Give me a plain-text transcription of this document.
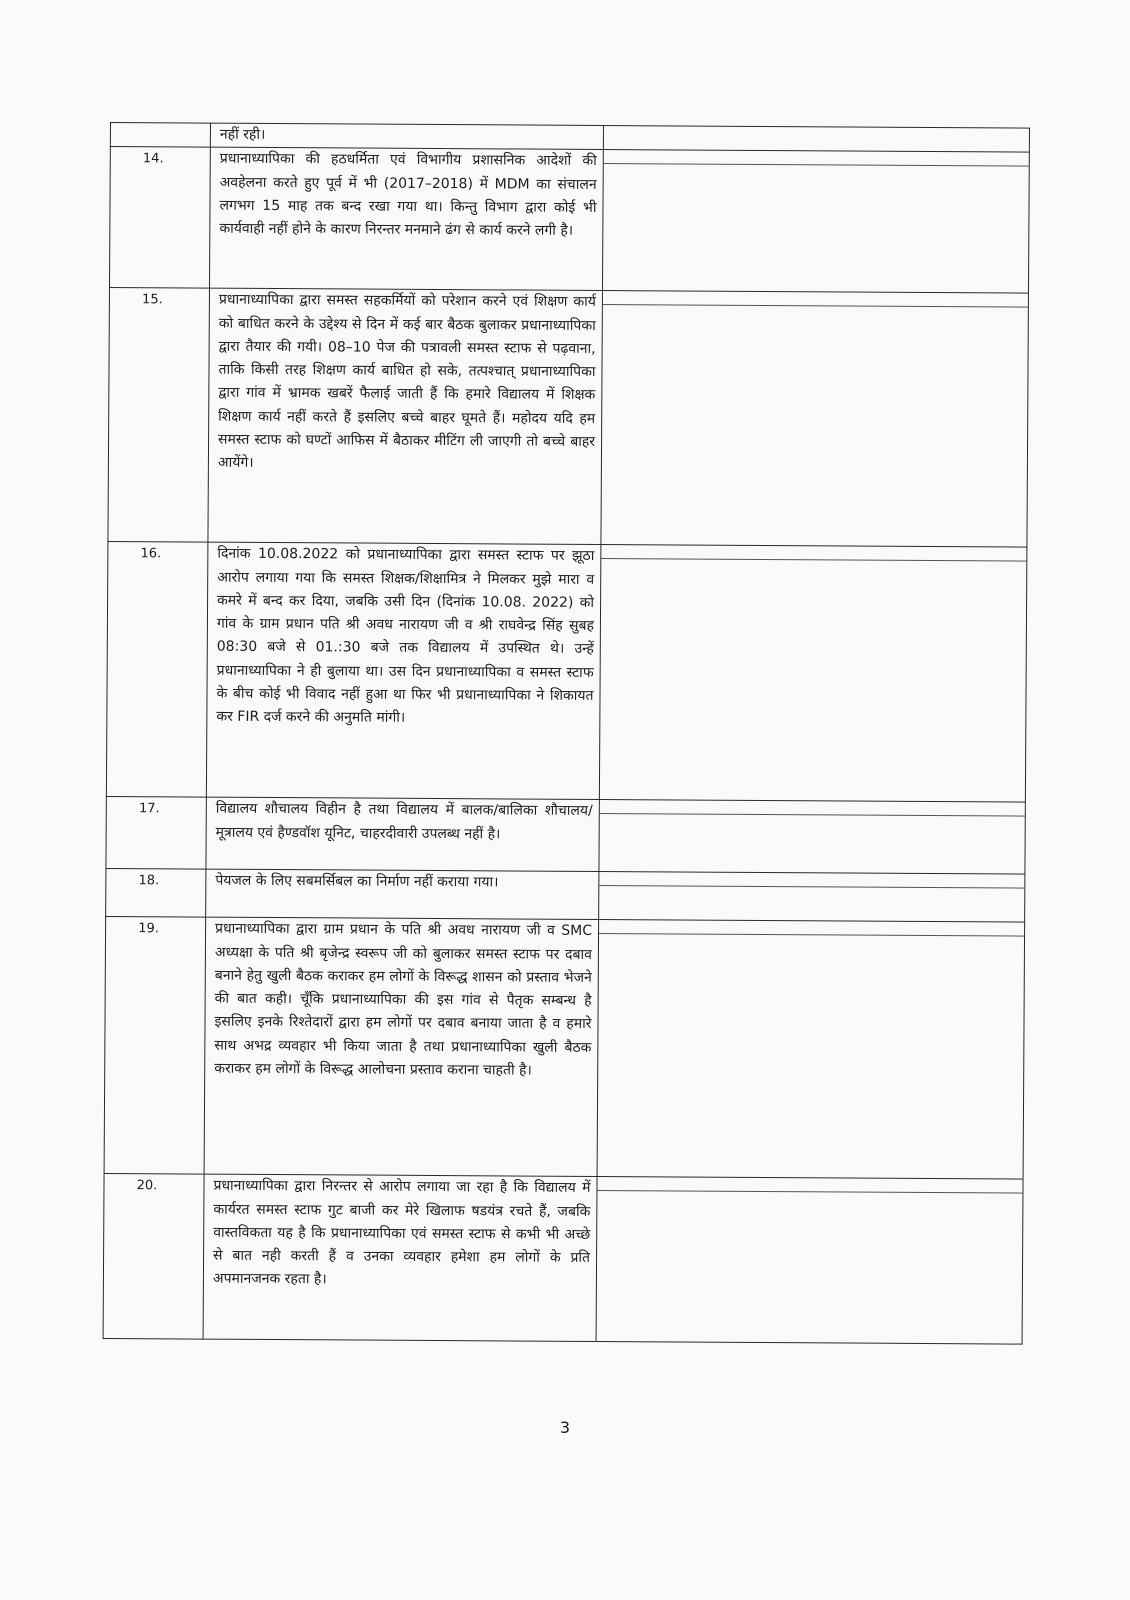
	नहीं रही।	
14.	प्रधानाध्यापिका की हठधर्मिता एवं विभागीय प्रशासनिक आदेशों की अवहेलना करते हुए पूर्व में भी (2017–2018) में MDM का संचालन लगभग 15 माह तक बन्द रखा गया था। किन्तु विभाग द्वारा कोई भी कार्यवाही नहीं होने के कारण निरन्तर मनमाने ढंग से कार्य करने लगी है।	

15.	प्रधानाध्यापिका द्वारा समस्त सहकर्मियों को परेशान करने एवं शिक्षण कार्य को बाधित करने के उद्देश्य से दिन में कई बार बैठक बुलाकर प्रधानाध्यापिका द्वारा तैयार की गयी। 08–10 पेज की पत्रावली समस्त स्टाफ से पढ़वाना, ताकि किसी तरह शिक्षण कार्य बाधित हो सके, तत्पश्चात् प्रधानाध्यापिका द्वारा गांव में भ्रामक खबरें फैलाई जाती हैं कि हमारे विद्यालय में शिक्षक शिक्षण कार्य नहीं करते हैं इसलिए बच्चे बाहर घूमते हैं। महोदय यदि हम समस्त स्टाफ को घण्टों आफिस में बैठाकर मीटिंग ली जाएगी तो बच्चे बाहर आयेंगे।	

16.	दिनांक 10.08.2022 को प्रधानाध्यापिका द्वारा समस्त स्टाफ पर झूठा आरोप लगाया गया कि समस्त शिक्षक/शिक्षामित्र ने मिलकर मुझे मारा व कमरे में बन्द कर दिया, जबकि उसी दिन (दिनांक 10.08. 2022) को गांव के ग्राम प्रधान पति श्री अवध नारायण जी व श्री राघवेन्द्र सिंह सुबह 08:30 बजे से 01.:30 बजे तक विद्यालय में उपस्थित थे। उन्हें प्रधानाध्यापिका ने ही बुलाया था। उस दिन प्रधानाध्यापिका व समस्त स्टाफ के बीच कोई भी विवाद नहीं हुआ था फिर भी प्रधानाध्यापिका ने शिकायत कर FIR दर्ज करने की अनुमति मांगी।	

17.	विद्यालय शौचालय विहीन है तथा विद्यालय में बालक/बालिका शौचालय/मूत्रालय एवं हैण्डवॉश यूनिट, चाहरदीवारी उपलब्ध नहीं है।	

18.	पेयजल के लिए सबमर्सिबल का निर्माण नहीं कराया गया।	

19.	प्रधानाध्यापिका द्वारा ग्राम प्रधान के पति श्री अवध नारायण जी व SMC अध्यक्षा के पति श्री बृजेन्द्र स्वरूप जी को बुलाकर समस्त स्टाफ पर दबाव बनाने हेतु खुली बैठक कराकर हम लोगों के विरूद्ध शासन को प्रस्ताव भेजने की बात कही। चूँकि प्रधानाध्यापिका की इस गांव से पैतृक सम्बन्ध है इसलिए इनके रिश्तेदारों द्वारा हम लोगों पर दबाव बनाया जाता है व हमारे साथ अभद्र व्यवहार भी किया जाता है तथा प्रधानाध्यापिका खुली बैठक कराकर हम लोगों के विरूद्ध आलोचना प्रस्ताव कराना चाहती है।	

20.	प्रधानाध्यापिका द्वारा निरन्तर से आरोप लगाया जा रहा है कि विद्यालय में कार्यरत समस्त स्टाफ गुट बाजी कर मेरे खिलाफ षडयंत्र रचते हैं, जबकि वास्तविकता यह है कि प्रधानाध्यापिका एवं समस्त स्टाफ से कभी भी अच्छे से बात नही करती हैं व उनका व्यवहार हमेशा हम लोगों के प्रति अपमानजनक रहता है।	
3
